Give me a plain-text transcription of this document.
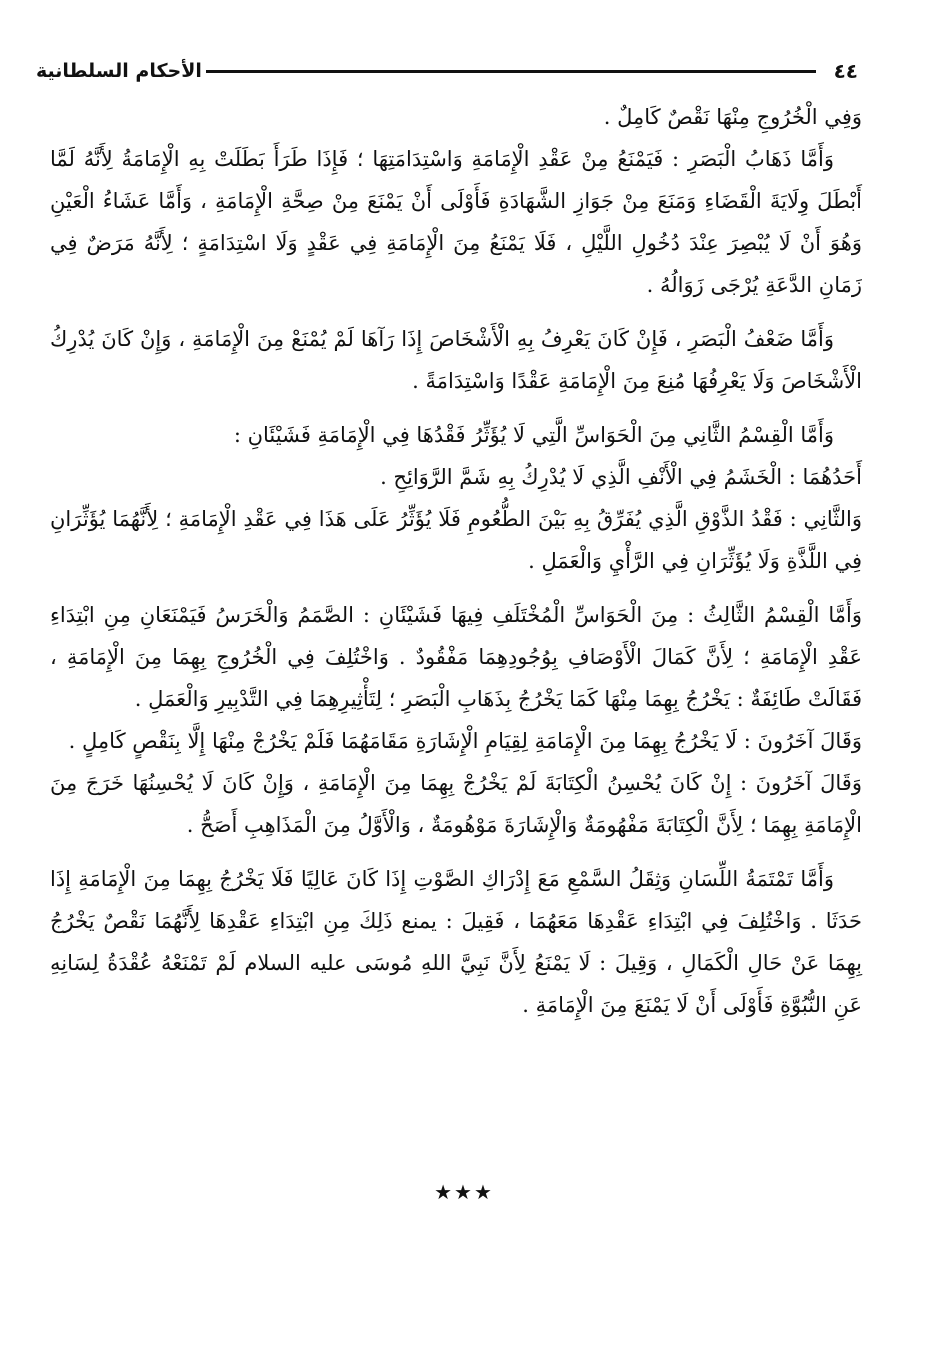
الأحكام السلطانية	٤٤

وَفِي الْخُرُوجِ مِنْهَا نَقْصٌ كَامِلٌ .

وَأَمَّا ذَهَابُ الْبَصَرِ : فَيَمْنَعُ مِنْ عَقْدِ الْإِمَامَةِ وَاسْتِدَامَتِهَا ؛ فَإِذَا طَرَأَ بَطَلَتْ بِهِ الْإِمَامَةُ لِأَنَّهُ لَمَّا أَبْطَلَ وِلَايَةَ الْقَضَاءِ وَمَنَعَ مِنْ جَوَازِ الشَّهَادَةِ فَأَوْلَى أَنْ يَمْنَعَ مِنْ صِحَّةِ الْإِمَامَةِ ، وَأَمَّا عَشَاءُ الْعَيْنِ وَهُوَ أَنْ لَا يُبْصِرَ عِنْدَ دُخُولِ اللَّيْلِ ، فَلَا يَمْنَعُ مِنَ الْإِمَامَةِ فِي عَقْدٍ وَلَا اسْتِدَامَةٍ ؛ لِأَنَّهُ مَرَضٌ فِي زَمَانِ الدَّعَةِ يُرْجَى زَوَالُهُ .

وَأَمَّا ضَعْفُ الْبَصَرِ ، فَإِنْ كَانَ يَعْرِفُ بِهِ الْأَشْخَاصَ إِذَا رَآهَا لَمْ يُمْنَعْ مِنَ الْإِمَامَةِ ، وَإِنْ كَانَ يُدْرِكُ الْأَشْخَاصَ وَلَا يَعْرِفُهَا مُنِعَ مِنَ الْإِمَامَةِ عَقْدًا وَاسْتِدَامَةً .

وَأَمَّا الْقِسْمُ الثَّانِي مِنَ الْحَوَاسِّ الَّتِي لَا يُؤَثِّرُ فَقْدُهَا فِي الْإِمَامَةِ فَشَيْئَانِ :

أَحَدُهُمَا : الْخَشَمُ فِي الْأَنْفِ الَّذِي لَا يُدْرِكُ بِهِ شَمَّ الرَّوَائِحِ .

وَالثَّانِي : فَقْدُ الذَّوْقِ الَّذِي يُفَرِّقُ بِهِ بَيْنَ الطُّعُومِ فَلَا يُؤَثِّرُ عَلَى هَذَا فِي عَقْدِ الْإِمَامَةِ ؛ لِأَنَّهُمَا يُؤَثِّرَانِ فِي اللَّذَّةِ وَلَا يُؤَثِّرَانِ فِي الرَّأْيِ وَالْعَمَلِ .

وَأَمَّا الْقِسْمُ الثَّالِثُ : مِنَ الْحَوَاسِّ الْمُخْتَلَفِ فِيهَا فَشَيْئَانِ : الصَّمَمُ وَالْخَرَسُ فَيَمْنَعَانِ مِنِ ابْتِدَاءِ عَقْدِ الْإِمَامَةِ ؛ لِأَنَّ كَمَالَ الْأَوْصَافِ بِوُجُودِهِمَا مَفْقُودٌ . وَاخْتُلِفَ فِي الْخُرُوجِ بِهِمَا مِنَ الْإِمَامَةِ ، فَقَالَتْ طَائِفَةٌ : يَخْرُجُ بِهِمَا مِنْهَا كَمَا يَخْرُجُ بِذَهَابِ الْبَصَرِ ؛ لِتَأْثِيرِهِمَا فِي التَّدْبِيرِ وَالْعَمَلِ .

وَقَالَ آخَرُونَ : لَا يَخْرُجُ بِهِمَا مِنَ الْإِمَامَةِ لِقِيَامِ الْإِشَارَةِ مَقَامَهُمَا فَلَمْ يَخْرُجْ مِنْهَا إِلَّا بِنَقْصٍ كَامِلٍ .

وَقَالَ آخَرُونَ : إِنْ كَانَ يُحْسِنُ الْكِتَابَةَ لَمْ يَخْرُجْ بِهِمَا مِنَ الْإِمَامَةِ ، وَإِنْ كَانَ لَا يُحْسِنُهَا خَرَجَ مِنَ الْإِمَامَةِ بِهِمَا ؛ لِأَنَّ الْكِتَابَةَ مَفْهُومَةٌ وَالْإِشَارَةَ مَوْهُومَةٌ ، وَالْأَوَّلُ مِنَ الْمَذَاهِبِ أَصَحُّ .

وَأَمَّا تَمْتَمَةُ اللِّسَانِ وَثِقَلُ السَّمْعِ مَعَ إِدْرَاكِ الصَّوْتِ إِذَا كَانَ عَالِيًا فَلَا يَخْرُجُ بِهِمَا مِنَ الْإِمَامَةِ إِذَا حَدَثَا . وَاخْتُلِفَ فِي ابْتِدَاءِ عَقْدِهَا مَعَهُمَا ، فَقِيلَ : يمنع ذَلِكَ مِنِ ابْتِدَاءِ عَقْدِهَا لِأَنَّهُمَا نَقْصٌ يَخْرُجُ بِهِمَا عَنْ حَالِ الْكَمَالِ ، وَقِيلَ : لَا يَمْنَعُ لِأَنَّ نَبِيَّ اللهِ مُوسَى عليه السلام لَمْ تَمْنَعْهُ عُقْدَةُ لِسَانِهِ عَنِ النُّبُوَّةِ فَأَوْلَى أَنْ لَا يَمْنَعَ مِنَ الْإِمَامَةِ .

★★★
